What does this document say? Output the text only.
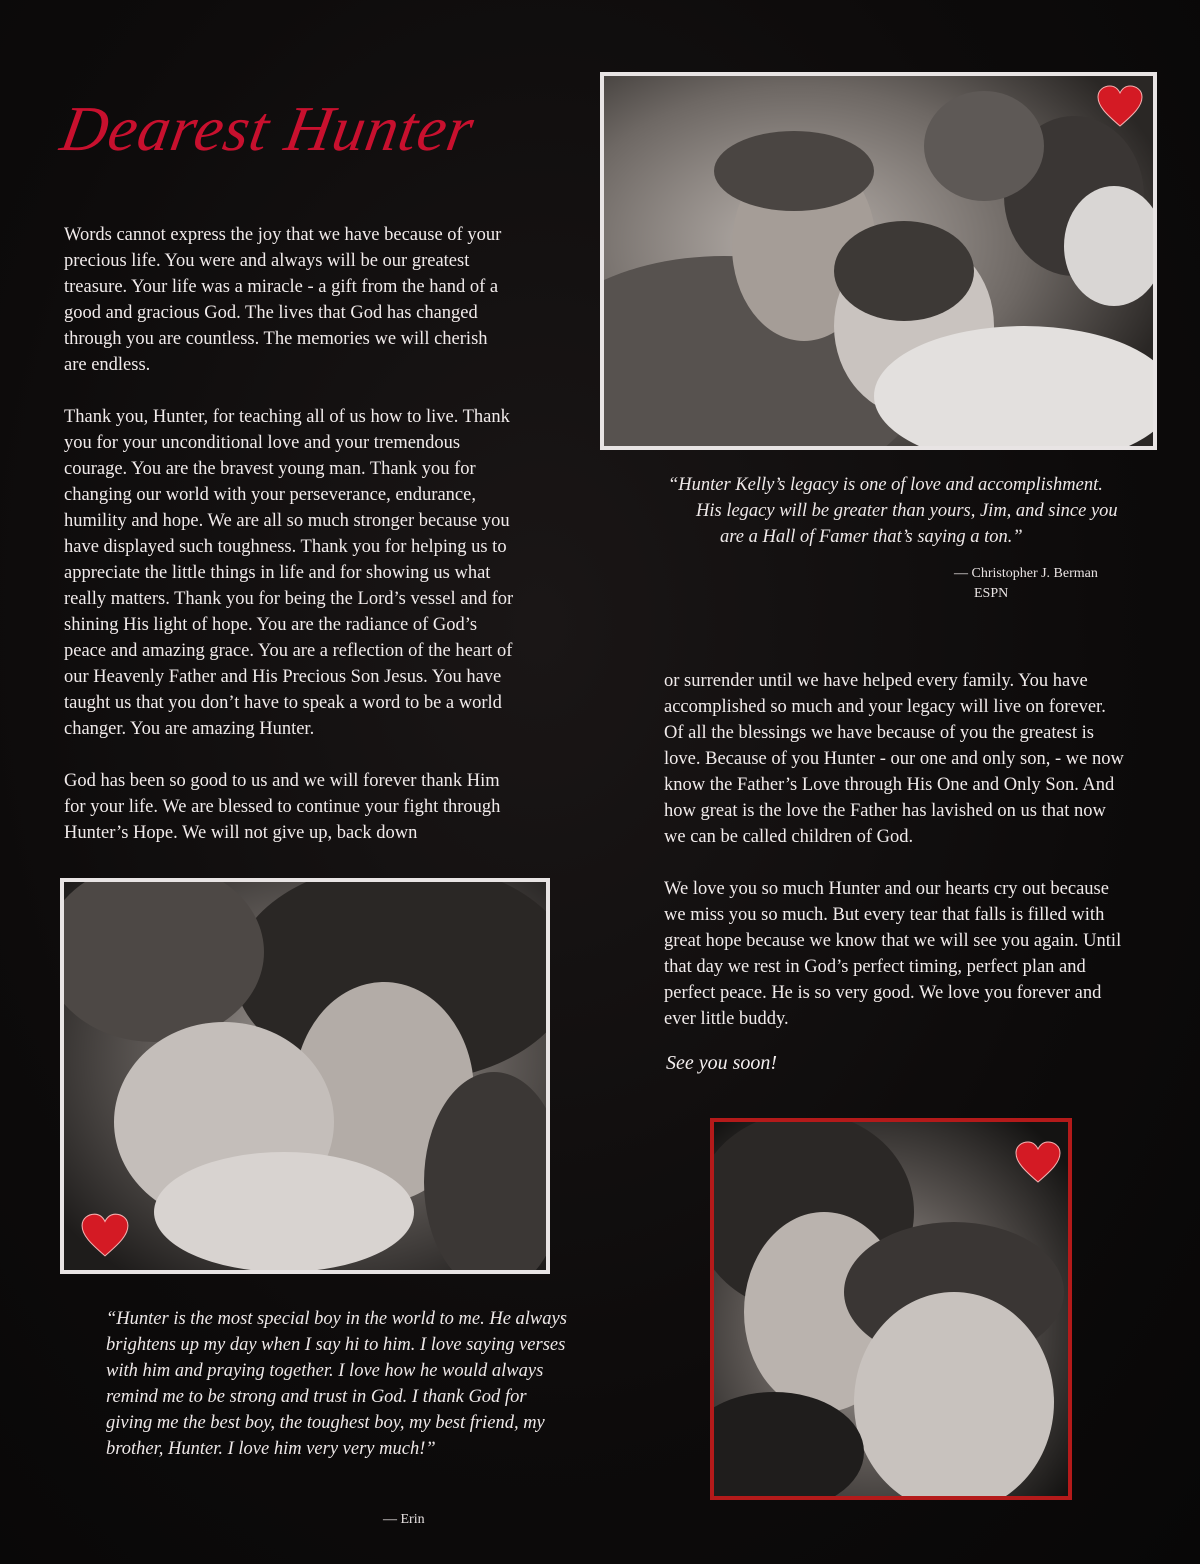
Dearest Hunter

Words cannot express the joy that we have because of your precious life. You were and always will be our greatest treasure. Your life was a miracle - a gift from the hand of a good and gracious God. The lives that God has changed through you are countless. The memories we will cherish are endless.

Thank you, Hunter, for teaching all of us how to live. Thank you for your unconditional love and your tremendous courage. You are the bravest young man. Thank you for changing our world with your perseverance, endurance, humility and hope. We are all so much stronger because you have displayed such toughness. Thank you for helping us to appreciate the little things in life and for showing us what really matters. Thank you for being the Lord’s vessel and for shining His light of hope. You are the radiance of God’s peace and amazing grace. You are a reflection of the heart of our Heavenly Father and His Precious Son Jesus. You have taught us that you don’t have to speak a word to be a world changer. You are amazing Hunter.

God has been so good to us and we will forever thank Him for your life. We are blessed to continue your fight through Hunter’s Hope. We will not give up, back down

“Hunter Kelly’s legacy is one of love and accomplishment.
His legacy will be greater than yours, Jim, and since you
are a Hall of Famer that’s saying a ton.”
— Christopher J. Berman
ESPN

or surrender until we have helped every family. You have accomplished so much and your legacy will live on forever. Of all the blessings we have because of you the greatest is love. Because of you Hunter - our one and only son, - we now know the Father’s Love through His One and Only Son. And how great is the love the Father has lavished on us that now we can be called children of God.

We love you so much Hunter and our hearts cry out because we miss you so much. But every tear that falls is filled with great hope because we know that we will see you again. Until that day we rest in God’s perfect timing, perfect plan and perfect peace. He is so very good. We love you forever and ever little buddy.

See you soon!
“Hunter is the most special boy in the world to me. He always brightens up my day when I say hi to him. I love saying verses with him and praying together. I love how he would always remind me to be strong and trust in God. I thank God for giving me the best boy, the toughest boy, my best friend, my brother, Hunter. I love him very very much!”
— Erin
